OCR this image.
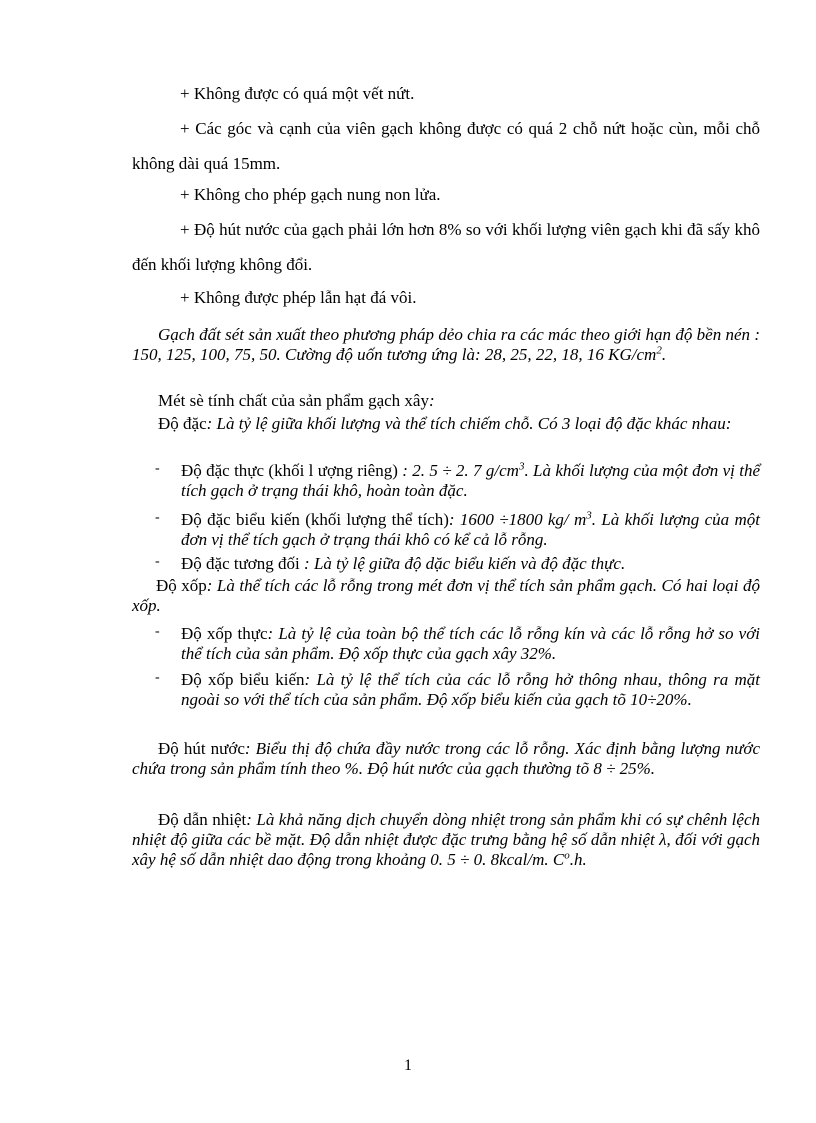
+ Không được có quá một vết nứt.

+ Các góc và cạnh của viên gạch không được có quá 2 chỗ nứt hoặc cùn, mỗi chỗ không dài quá 15mm.

+ Không cho phép gạch nung non lửa.

+ Độ hút nước của gạch phải lớn hơn 8% so với khối lượng viên gạch khi đã sấy khô đến khối lượng không đổi.

+ Không được phép lẫn hạt đá vôi.

Gạch đất sét sản xuất theo phương pháp dẻo chia ra các mác theo giới hạn độ bền nén : 150, 125, 100, 75, 50. Cường độ uốn tương ứng là: 28, 25, 22, 18, 16 $KG/cm^2$.

Mét sè tính chất của sản phẩm gạch xây:

Độ đặc: Là tỷ lệ giữa khối lượng và thể tích chiếm chỗ. Có 3 loại độ đặc khác nhau:

- Độ đặc thực (khối l ượng riêng) : 2. 5 ÷ 2. 7 $g/cm^3$. Là khối lượng của một đơn vị thể tích gạch ở trạng thái khô, hoàn toàn đặc.
- Độ đặc biểu kiến (khối lượng thể tích): 1600 ÷1800 kg/ $m^3$. Là khối lượng của một đơn vị thể tích gạch ở trạng thái khô có kể cả lỗ rỗng.
- Độ đặc tương đối : Là tỷ lệ giữa độ dặc biểu kiến và độ đặc thực.

Độ xốp: Là thể tích các lỗ rỗng trong mét đơn vị thể tích sản phẩm gạch. Có hai loại độ xốp.

- Độ xốp thực: Là tỷ lệ của toàn bộ thể tích các lỗ rỗng kín và các lỗ rỗng hở so với thể tích của sản phẩm. Độ xốp thực của gạch xây 32%.
- Độ xốp biểu kiến: Là tỷ lệ thể tích của các lỗ rỗng hở thông nhau, thông ra mặt ngoài so với thể tích của sản phẩm. Độ xốp biểu kiến của gạch tõ 10÷20%.

Độ hút nước: Biểu thị độ chứa đầy nước trong các lỗ rỗng. Xác định bằng lượng nước chứa trong sản phẩm tính theo %. Độ hút nước của gạch thường tõ 8 ÷ 25%.

Độ dẫn nhiệt: Là khả năng dịch chuyển dòng nhiệt trong sản phẩm khi có sự chênh lệch nhiệt độ giữa các bề mặt. Độ dẫn nhiệt được đặc trưng bằng hệ số dẫn nhiệt λ, đối với gạch xây hệ số dẫn nhiệt dao động trong khoảng 0. 5 ÷ 0. 8kcal/m. $C^o.h$.

1
